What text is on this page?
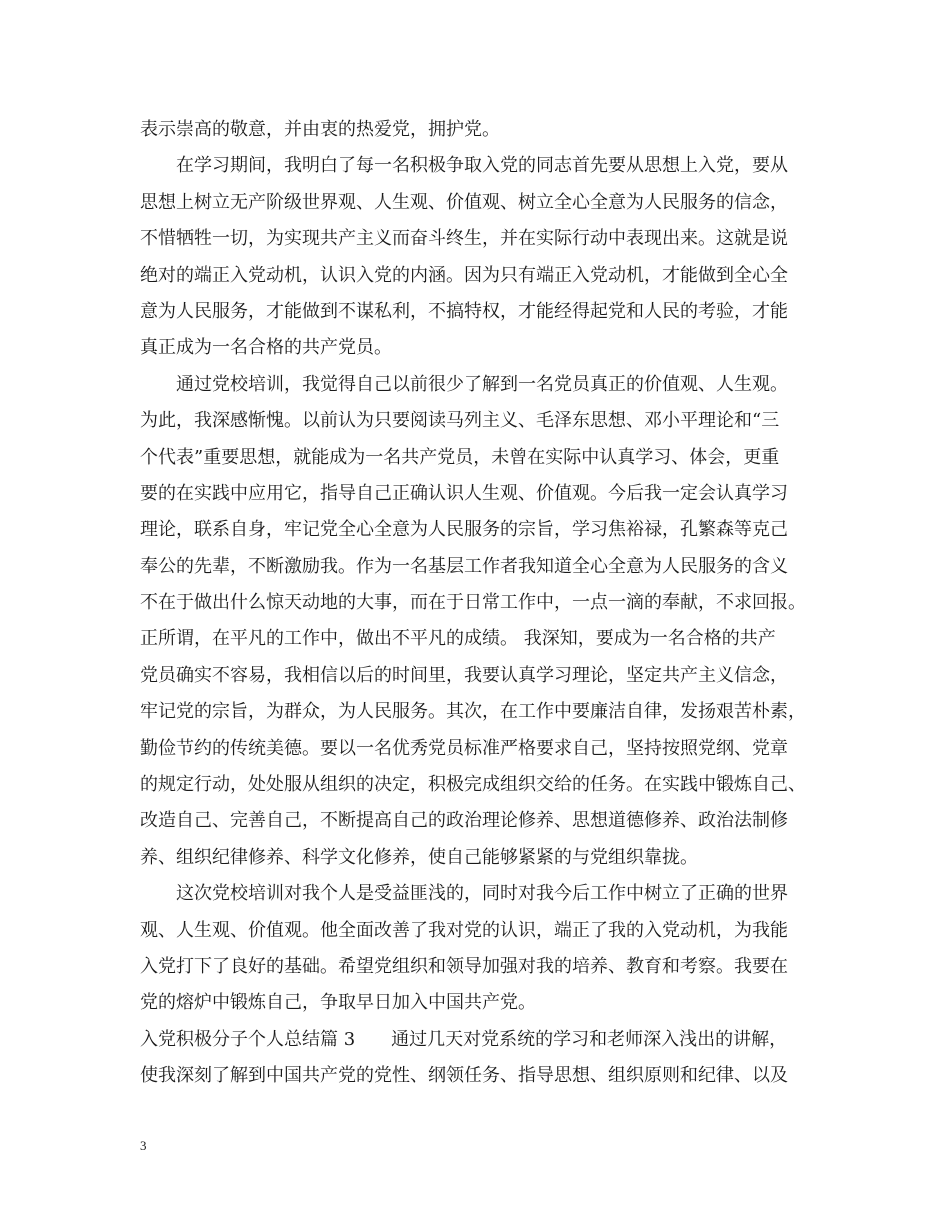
表示崇高的敬意，并由衷的热爱党，拥护党。
在学习期间，我明白了每一名积极争取入党的同志首先要从思想上入党，要从
思想上树立无产阶级世界观、人生观、价值观、树立全心全意为人民服务的信念，
不惜牺牲一切，为实现共产主义而奋斗终生，并在实际行动中表现出来。这就是说
绝对的端正入党动机，认识入党的内涵。因为只有端正入党动机，才能做到全心全
意为人民服务，才能做到不谋私利，不搞特权，才能经得起党和人民的考验，才能
真正成为一名合格的共产党员。
通过党校培训，我觉得自己以前很少了解到一名党员真正的价值观、人生观。
为此，我深感惭愧。以前认为只要阅读马列主义、毛泽东思想、邓小平理论和“三
个代表”重要思想，就能成为一名共产党员，未曾在实际中认真学习、体会，更重
要的在实践中应用它，指导自己正确认识人生观、价值观。今后我一定会认真学习
理论，联系自身，牢记党全心全意为人民服务的宗旨，学习焦裕禄，孔繁森等克己
奉公的先辈，不断激励我。作为一名基层工作者我知道全心全意为人民服务的含义
不在于做出什么惊天动地的大事，而在于日常工作中，一点一滴的奉献，不求回报。
正所谓，在平凡的工作中，做出不平凡的成绩。 我深知，要成为一名合格的共产
党员确实不容易，我相信以后的时间里，我要认真学习理论，坚定共产主义信念，
牢记党的宗旨，为群众，为人民服务。其次，在工作中要廉洁自律，发扬艰苦朴素，
勤俭节约的传统美德。要以一名优秀党员标准严格要求自己，坚持按照党纲、党章
的规定行动，处处服从组织的决定，积极完成组织交给的任务。在实践中锻炼自己、
改造自己、完善自己，不断提高自己的政治理论修养、思想道德修养、政治法制修
养、组织纪律修养、科学文化修养，使自己能够紧紧的与党组织靠拢。
这次党校培训对我个人是受益匪浅的，同时对我今后工作中树立了正确的世界
观、人生观、价值观。他全面改善了我对党的认识，端正了我的入党动机，为我能
入党打下了良好的基础。希望党组织和领导加强对我的培养、教育和考察。我要在
党的熔炉中锻炼自己，争取早日加入中国共产党。
入党积极分子个人总结篇 3　　通过几天对党系统的学习和老师深入浅出的讲解，
使我深刻了解到中国共产党的党性、纲领任务、指导思想、组织原则和纪律、以及
3
